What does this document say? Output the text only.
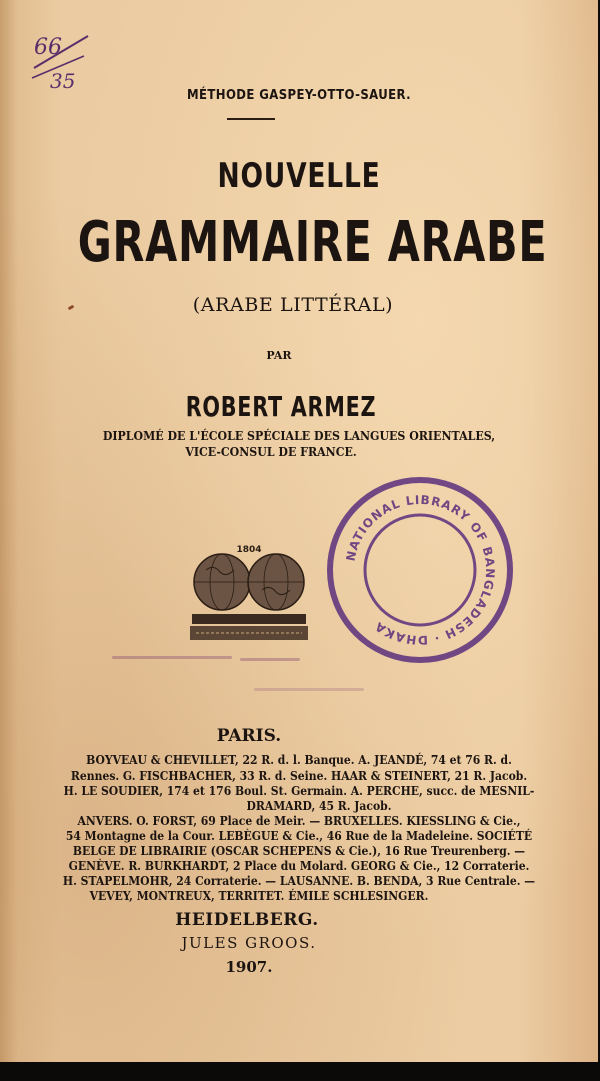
66
35
MÉTHODE GASPEY-OTTO-SAUER.
NOUVELLE
GRAMMAIRE ARABE
(ARABE LITTÉRAL)
PAR
ROBERT ARMEZ
DIPLOMÉ DE L'ÉCOLE SPÉCIALE DES LANGUES ORIENTALES,
VICE-CONSUL DE FRANCE.
1804	NATIONAL LIBRARY OF BANGLADESH · DHAKA
PARIS.
BOYVEAU & CHEVILLET, 22 R. d. l. Banque. A. JEANDÉ, 74 et 76 R. d.
Rennes. G. FISCHBACHER, 33 R. d. Seine. HAAR & STEINERT, 21 R. Jacob.
H. LE SOUDIER, 174 et 176 Boul. St. Germain. A. PERCHE, succ. de MESNIL-
DRAMARD, 45 R. Jacob.
ANVERS. O. FORST, 69 Place de Meir. — BRUXELLES. KIESSLING & Cie.,
54 Montagne de la Cour. LEBÈGUE & Cie., 46 Rue de la Madeleine. SOCIÉTÉ
BELGE DE LIBRAIRIE (OSCAR SCHEPENS & Cie.), 16 Rue Treurenberg. —
GENÈVE. R. BURKHARDT, 2 Place du Molard. GEORG & Cie., 12 Corraterie.
H. STAPELMOHR, 24 Corraterie. — LAUSANNE. B. BENDA, 3 Rue Centrale. —
VEVEY, MONTREUX, TERRITET. ÉMILE SCHLESINGER.
HEIDELBERG.
JULES GROOS.
1907.
